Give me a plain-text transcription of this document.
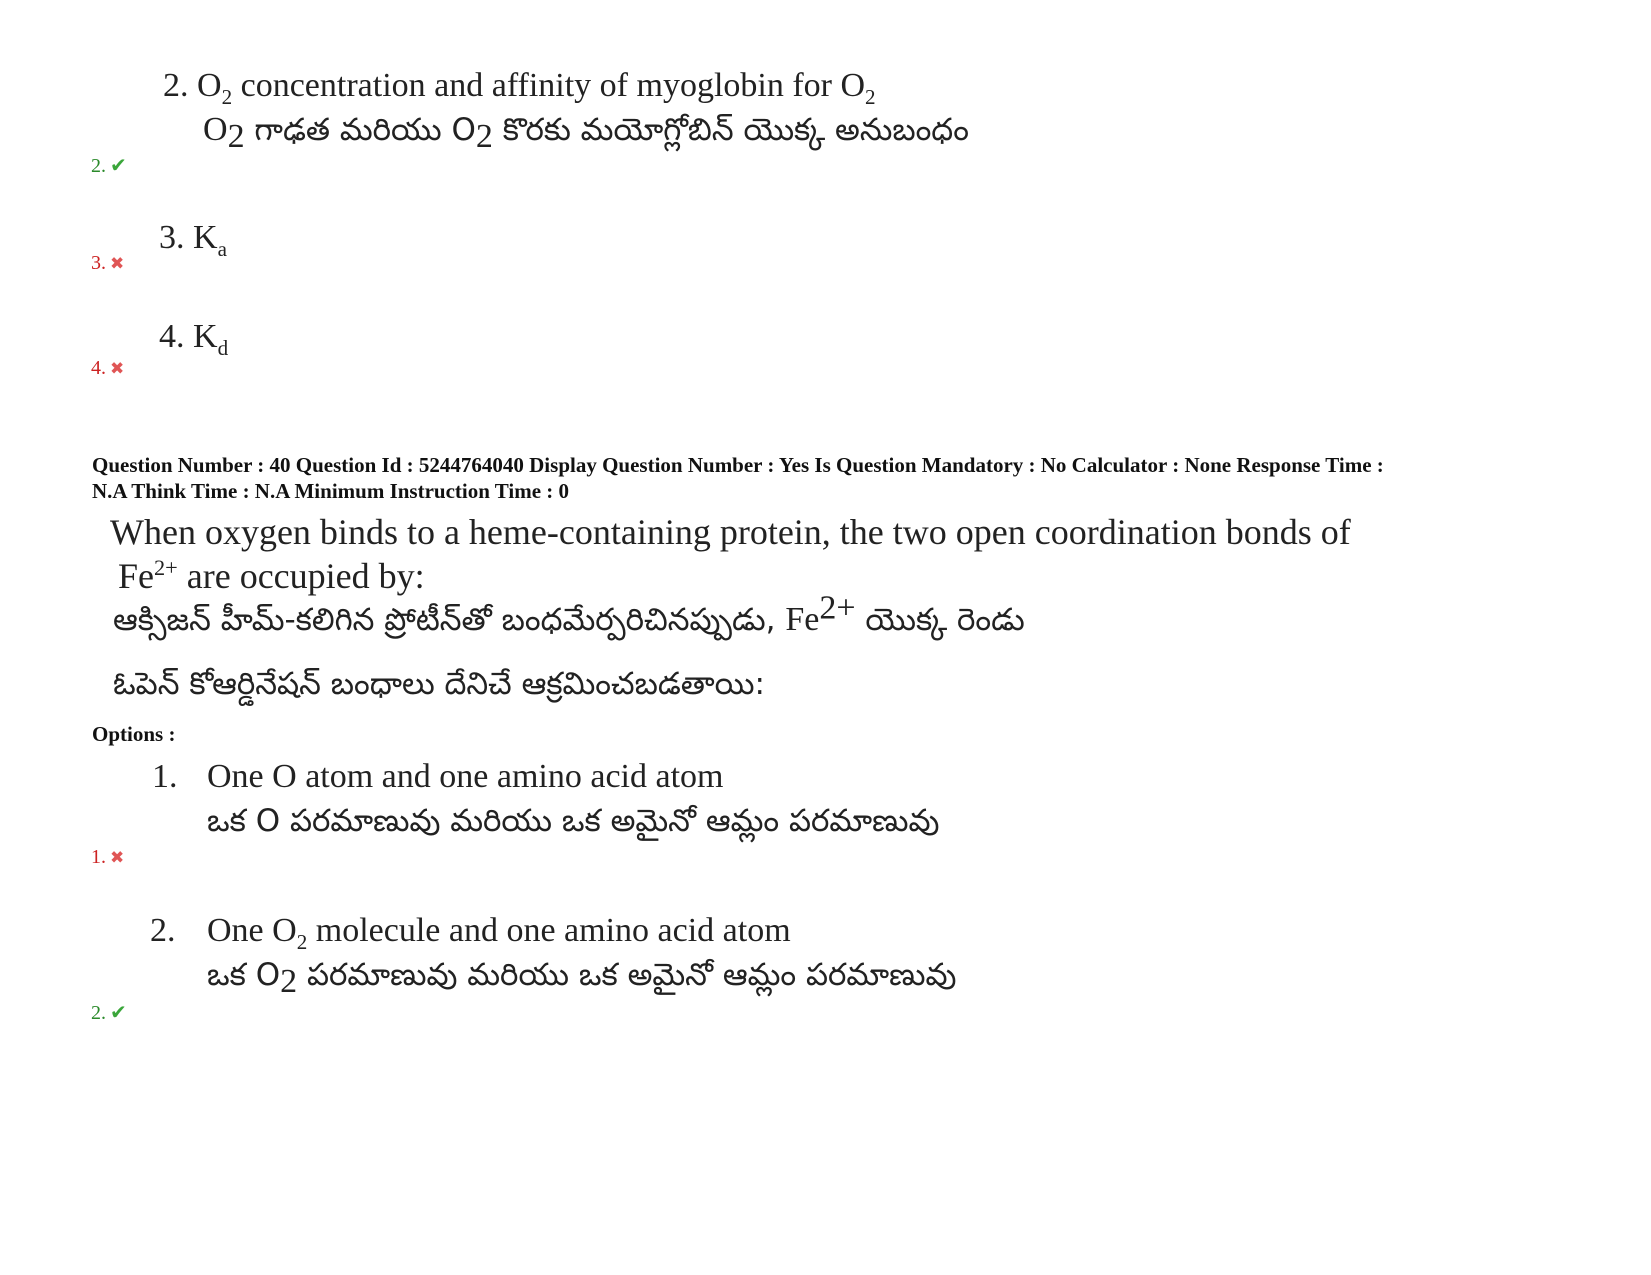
2. $O_2$ concentration and affinity of myoglobin for $O_2$
$O_2$ గాఢత మరియు $O_2$ కొరకు మయోగ్లోబిన్ యొక్క అనుబంధం
2. ✔
3. $K_a$
3. ✖
4. $K_d$
4. ✖
Question Number : 40 Question Id : 5244764040 Display Question Number : Yes Is Question Mandatory : No Calculator : None Response Time :
N.A Think Time : N.A Minimum Instruction Time : 0
When oxygen binds to a heme-containing protein, the two open coordination bonds of
$Fe^{2+}$ are occupied by:
ఆక్సిజన్ హీమ్-కలిగిన ప్రోటీన్‌తో బంధమేర్పరిచినప్పుడు, $Fe^{2+}$ యొక్క రెండు
ఓపెన్ కోఆర్డినేషన్ బంధాలు దేనిచే ఆక్రమించబడతాయి:
Options :
1. One O atom and one amino acid atom
ఒక O పరమాణువు మరియు ఒక అమైనో ఆమ్లం పరమాణువు
1. ✖
2. One $O_2$ molecule and one amino acid atom
ఒక $O_2$ పరమాణువు మరియు ఒక అమైనో ఆమ్లం పరమాణువు
2. ✔
